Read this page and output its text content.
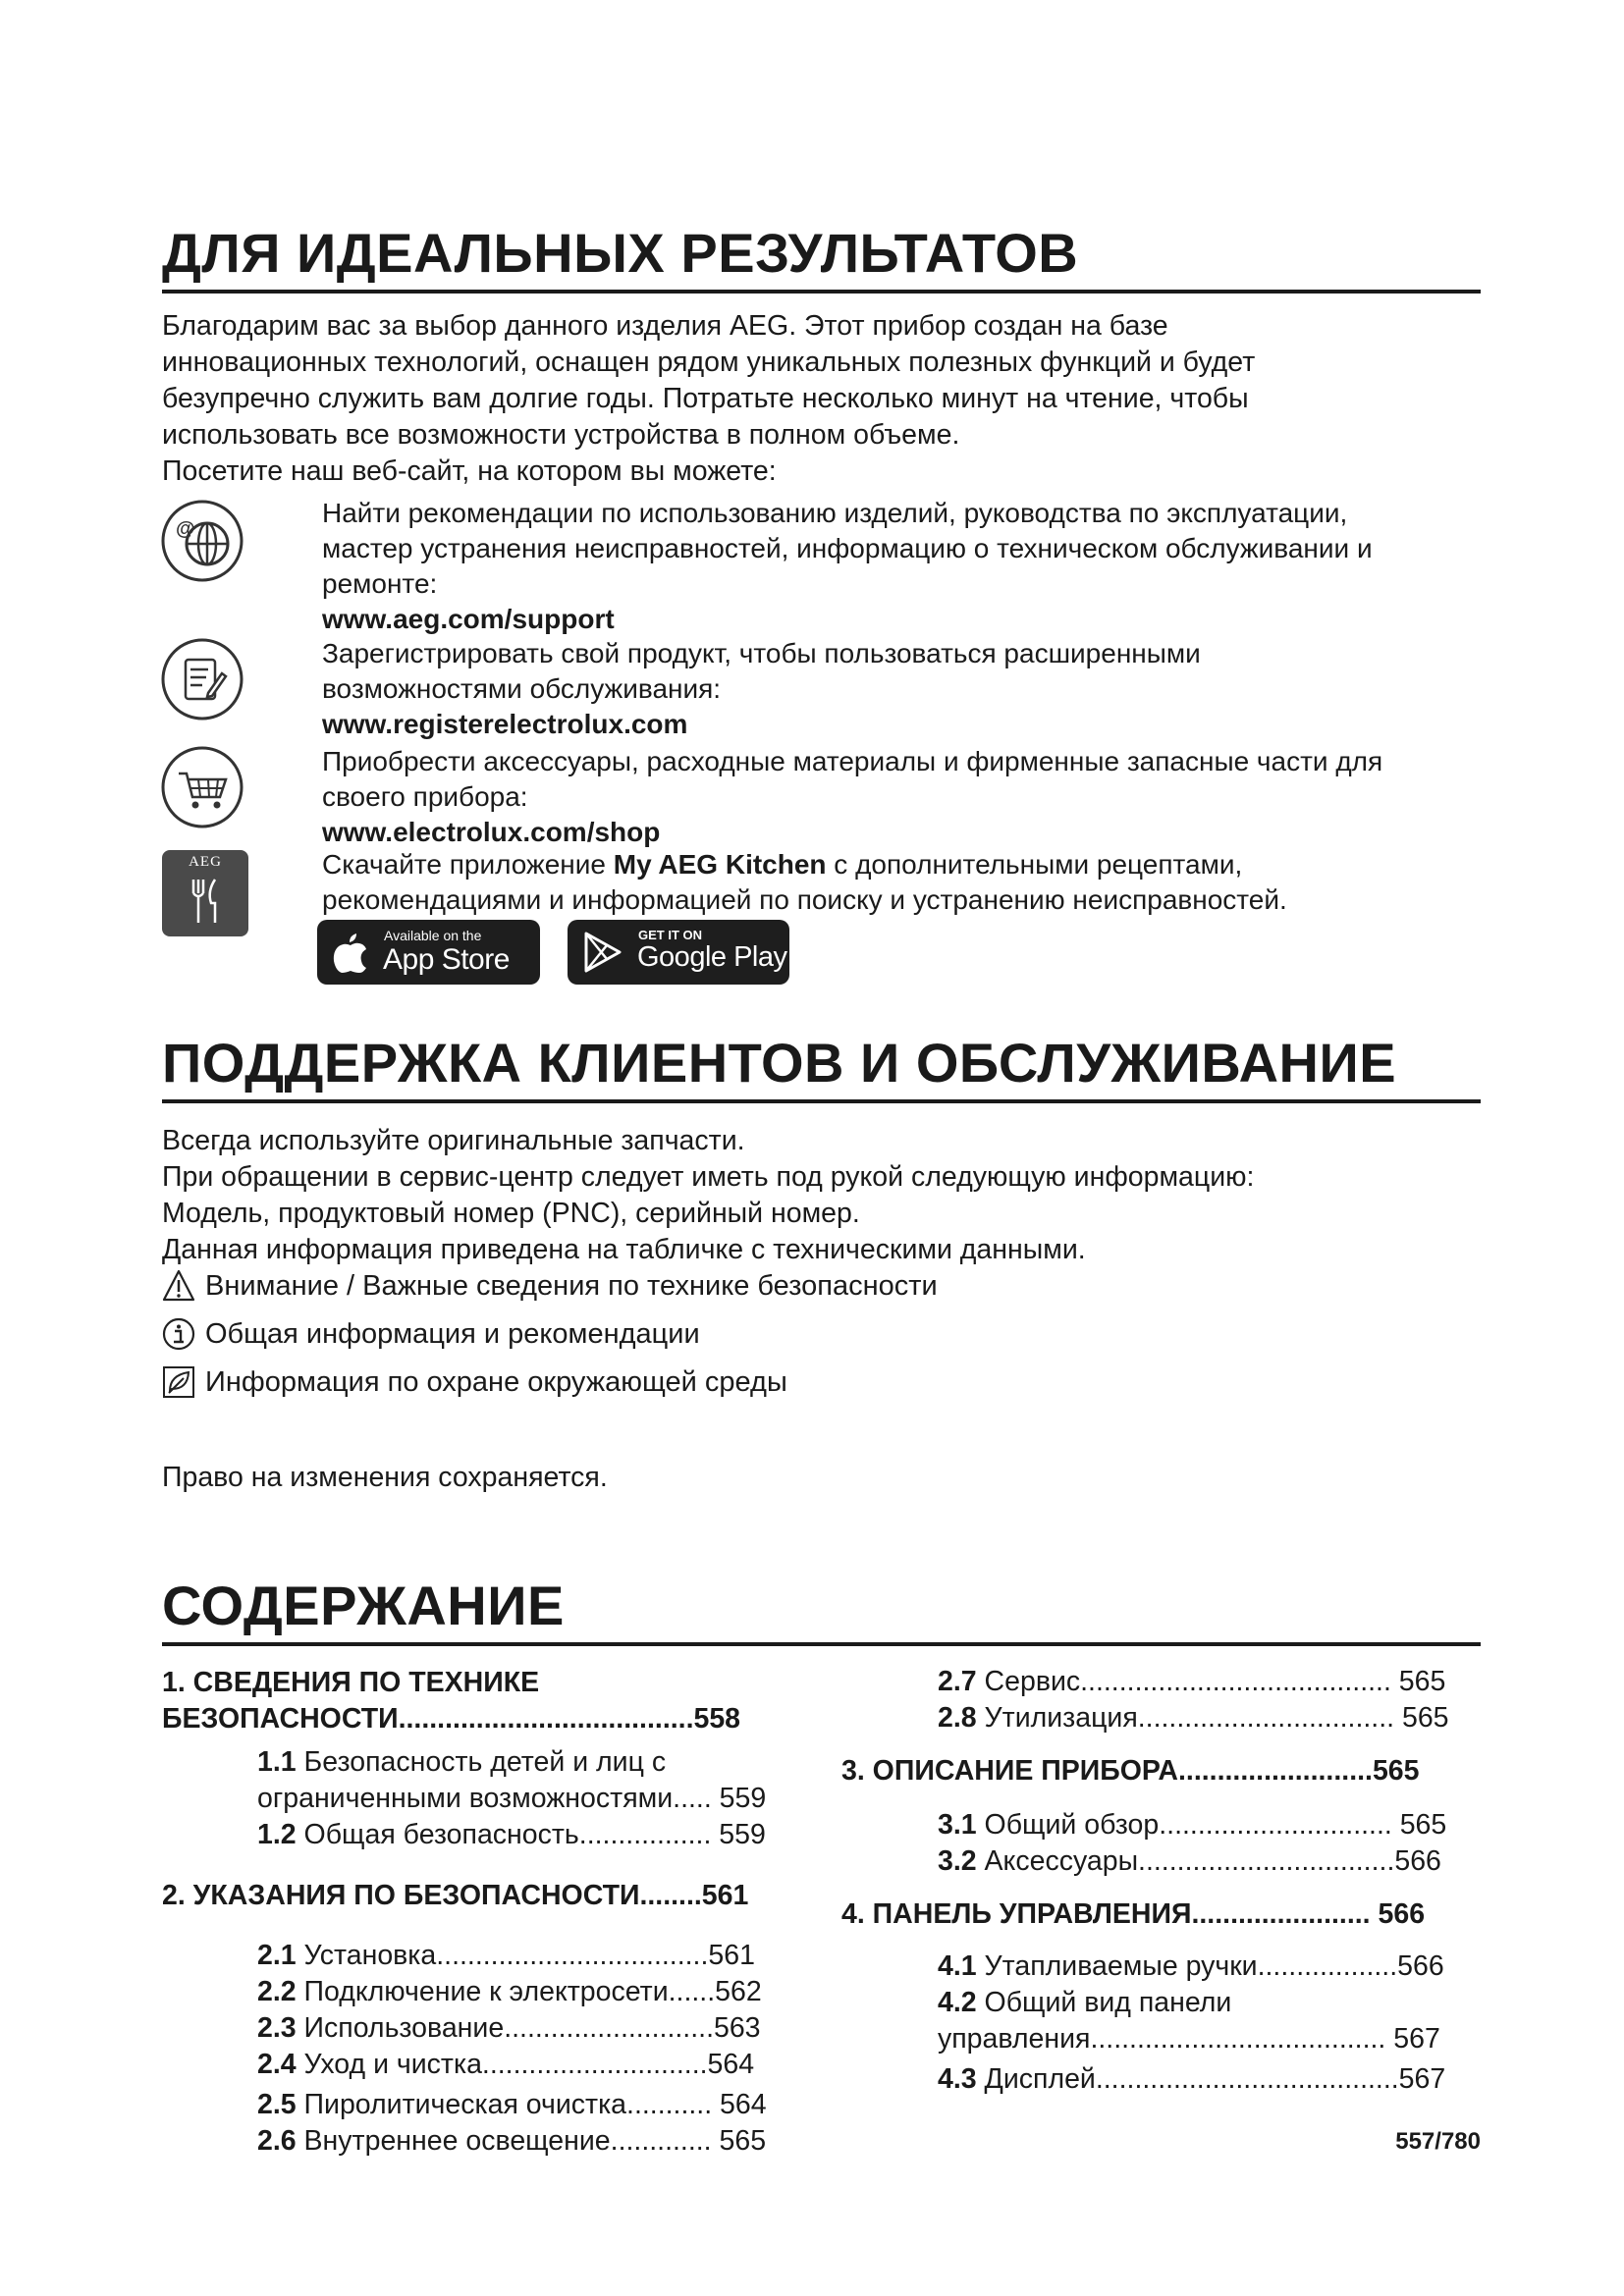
ДЛЯ ИДЕАЛЬНЫХ РЕЗУЛЬТАТОВ
Благодарим вас за выбор данного изделия AEG. Этот прибор создан на базе
инновационных технологий, оснащен рядом уникальных полезных функций и будет
безупречно служить вам долгие годы. Потратьте несколько минут на чтение, чтобы
использовать все возможности устройства в полном объеме.
Посетите наш веб-сайт, на котором вы можете:
@
Найти рекомендации по использованию изделий, руководства по эксплуатации,
мастер устранения неисправностей, информацию о техническом обслуживании и
ремонте:
www.aeg.com/support
Зарегистрировать свой продукт, чтобы пользоваться расширенными
возможностями обслуживания:
www.registerelectrolux.com
Приобрести аксессуары, расходные материалы и фирменные запасные части для
своего прибора:
www.electrolux.com/shop
AEG	Скачайте приложение My AEG Kitchen с дополнительными рецептами,
рекомендациями и информацией по поиску и устранению неисправностей.
Available on the
App Store
GET IT ON
Google Play
ПОДДЕРЖКА КЛИЕНТОВ И ОБСЛУЖИВАНИЕ
Всегда используйте оригинальные запчасти.
При обращении в сервис-центр следует иметь под рукой следующую информацию:
Модель, продуктовый номер (PNC), серийный номер.
Данная информация приведена на табличке с техническими данными.
Внимание / Важные сведения по технике безопасности
Общая информация и рекомендации
Информация по охране окружающей среды
Право на изменения сохраняется.
СОДЕРЖАНИЕ
1. СВЕДЕНИЯ ПО ТЕХНИКЕ
БЕЗОПАСНОСТИ......................................558
1.1 Безопасность детей и лиц с
ограниченными возможностями..... 559
1.2 Общая безопасность................. 559
2. УКАЗАНИЯ ПО БЕЗОПАСНОСТИ........561
2.1 Установка...................................561
2.2 Подключение к электросети......562
2.3 Использование...........................563
2.4 Уход и чистка.............................564
2.5 Пиролитическая очистка........... 564
2.6 Внутреннее освещение............. 565
2.7 Сервис........................................ 565
2.8 Утилизация................................. 565
3. ОПИСАНИЕ ПРИБОРА.........................565
3.1 Общий обзор.............................. 565
3.2 Аксессуары.................................566
4. ПАНЕЛЬ УПРАВЛЕНИЯ....................... 566
4.1 Утапливаемые ручки..................566
4.2 Общий вид панели
управления...................................... 567
4.3 Дисплей.......................................567
557/780
